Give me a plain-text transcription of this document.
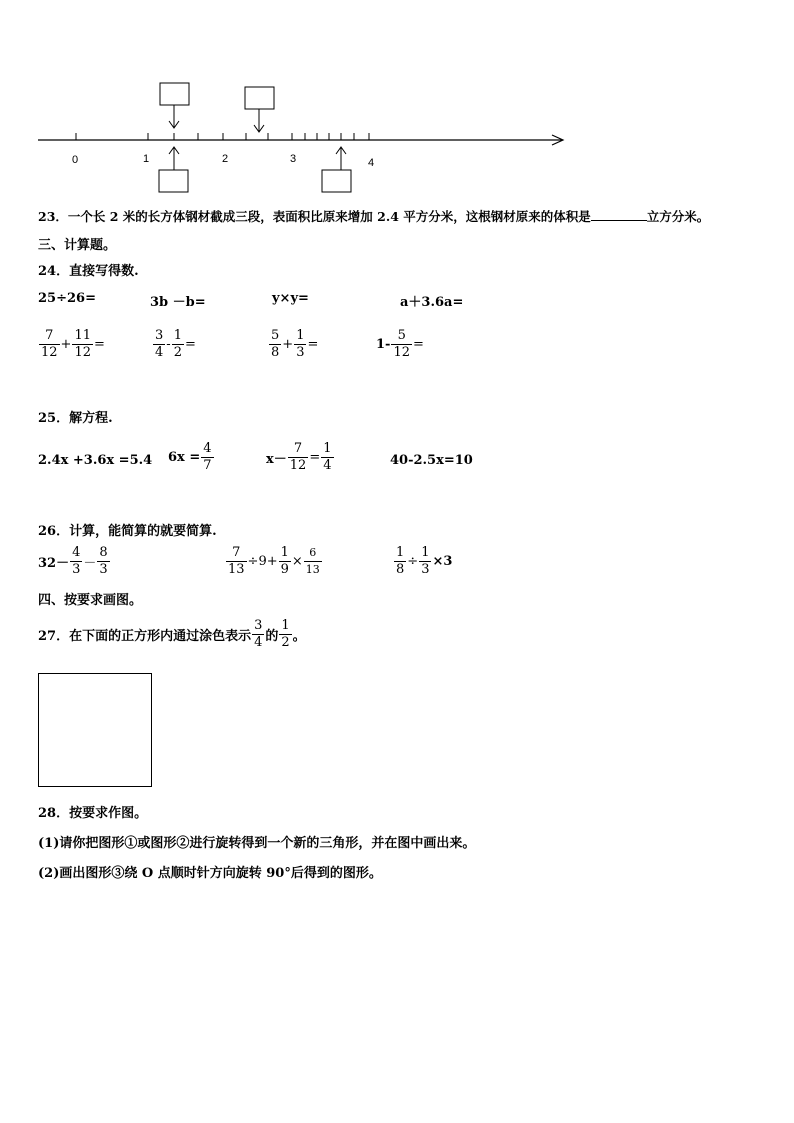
0	1	2	3	4
23．一个长 2 米的长方体钢材截成三段，表面积比原来增加 2.4 平方分米，这根钢材原来的体积是	立方分米。
三、计算题。
24．直接写得数.
25÷26=	3b －b=	y×y=	a＋3.6a=
$\frac{7}{12} + \frac{11}{12}$ =	$\frac{3}{4} - \frac{1}{2}$ =	$\frac{5}{8} + \frac{1}{3}$ =	$1- \frac{5}{12}$ =
25．解方程.
2.4x +3.6x =5.4 $6x = \frac{4}{7}$	$x- \frac{7}{12} = \frac{1}{4}$	40-2.5x=10
26．计算，能简算的就要简算.
$32- \frac{4}{3} - \frac{8}{3}$	$\frac{7}{13} \div 9+ \frac{1}{9} \times \frac{6}{13}$	$\frac{1}{8} \div \frac{1}{3} \times 3$
四、按要求画图。
27．在下面的正方形内通过涂色表示 $\frac{3}{4}$ 的 $\frac{1}{2}$ 。
28．按要求作图。
(1)请你把图形①或图形②进行旋转得到一个新的三角形，并在图中画出来。
(2)画出图形③绕 O 点顺时针方向旋转 90°后得到的图形。
